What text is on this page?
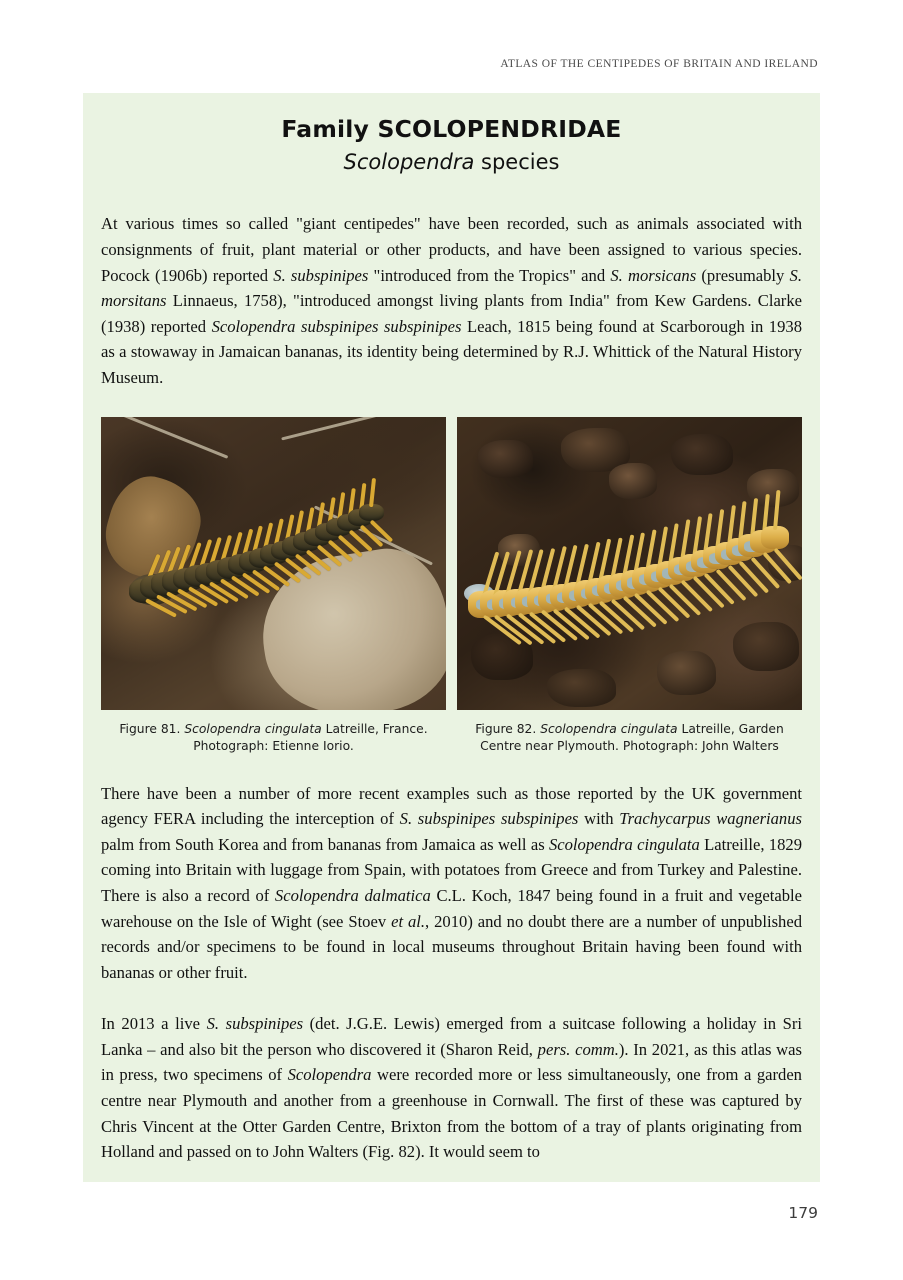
ATLAS OF THE CENTIPEDES OF BRITAIN AND IRELAND
Family SCOLOPENDRIDAE
Scolopendra species

At various times so called "giant centipedes" have been recorded, such as animals associated with consignments of fruit, plant material or other products, and have been assigned to various species. Pocock (1906b) reported S. subspinipes "introduced from the Tropics" and S. morsicans (presumably S. morsitans Linnaeus, 1758), "introduced amongst living plants from India" from Kew Gardens. Clarke (1938) reported Scolopendra subspinipes subspinipes Leach, 1815 being found at Scarborough in 1938 as a stowaway in Jamaican bananas, its identity being determined by R.J. Whittick of the Natural History Museum.

Figure 81. Scolopendra cingulata Latreille, France. Photograph: Etienne Iorio.
Figure 82. Scolopendra cingulata Latreille, Garden Centre near Plymouth. Photograph: John Walters

There have been a number of more recent examples such as those reported by the UK government agency FERA including the interception of S. subspinipes subspinipes with Trachycarpus wagnerianus palm from South Korea and from bananas from Jamaica as well as Scolopendra cingulata Latreille, 1829 coming into Britain with luggage from Spain, with potatoes from Greece and from Turkey and Palestine. There is also a record of Scolopendra dalmatica C.L. Koch, 1847 being found in a fruit and vegetable warehouse on the Isle of Wight (see Stoev et al., 2010) and no doubt there are a number of unpublished records and/or specimens to be found in local museums throughout Britain having been found with bananas or other fruit.

In 2013 a live S. subspinipes (det. J.G.E. Lewis) emerged from a suitcase following a holiday in Sri Lanka – and also bit the person who discovered it (Sharon Reid, pers. comm.). In 2021, as this atlas was in press, two specimens of Scolopendra were recorded more or less simultaneously, one from a garden centre near Plymouth and another from a greenhouse in Cornwall. The first of these was captured by Chris Vincent at the Otter Garden Centre, Brixton from the bottom of a tray of plants originating from Holland and passed on to John Walters (Fig. 82). It would seem to

179
